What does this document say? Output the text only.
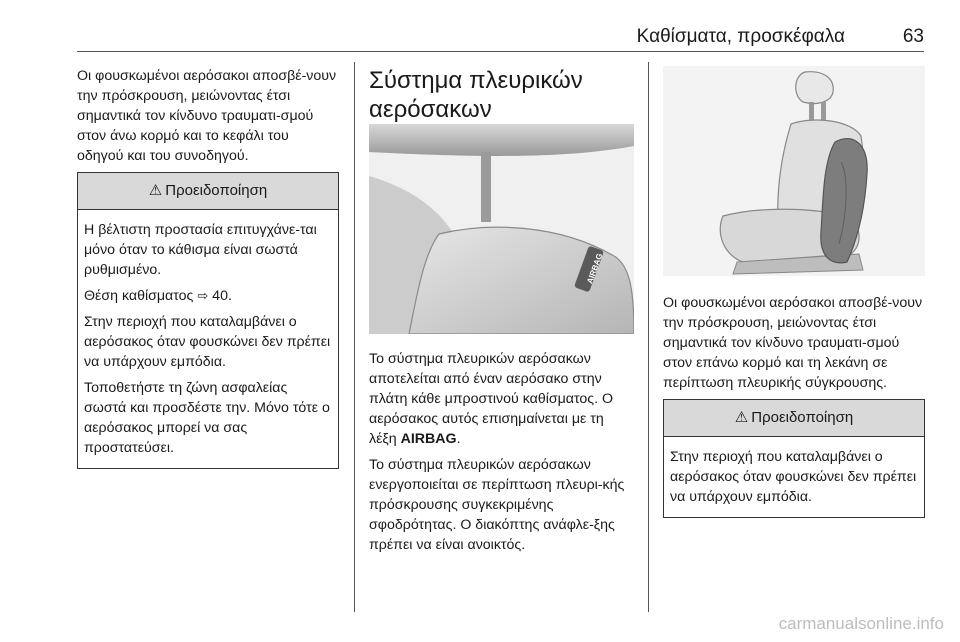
Καθίσματα, προσκέφαλα	63

Οι φουσκωμένοι αερόσακοι αποσβέ-νουν την πρόσκρουση, μειώνοντας έτσι σημαντικά τον κίνδυνο τραυματι-σμού στον άνω κορμό και το κεφάλι του οδηγού και του συνοδηγού.

⚠ Προειδοποίηση

Η βέλτιστη προστασία επιτυγχάνε-ται μόνο όταν το κάθισμα είναι σωστά ρυθμισμένο.

Θέση καθίσματος ⇨ 40.

Στην περιοχή που καταλαμβάνει ο αερόσακος όταν φουσκώνει δεν πρέπει να υπάρχουν εμπόδια.

Τοποθετήστε τη ζώνη ασφαλείας σωστά και προσδέστε την. Μόνο τότε ο αερόσακος μπορεί να σας προστατεύσει.

Σύστημα πλευρικών αερόσακων

Το σύστημα πλευρικών αερόσακων αποτελείται από έναν αερόσακο στην πλάτη κάθε μπροστινού καθίσματος. Ο αερόσακος αυτός επισημαίνεται με τη λέξη AIRBAG.

Το σύστημα πλευρικών αερόσακων ενεργοποιείται σε περίπτωση πλευρι-κής πρόσκρουσης συγκεκριμένης σφοδρότητας. Ο διακόπτης ανάφλε-ξης πρέπει να είναι ανοικτός.

AIRBAG

Οι φουσκωμένοι αερόσακοι αποσβέ-νουν την πρόσκρουση, μειώνοντας έτσι σημαντικά τον κίνδυνο τραυματι-σμού στον επάνω κορμό και τη λεκάνη σε περίπτωση πλευρικής σύγκρουσης.

⚠ Προειδοποίηση

Στην περιοχή που καταλαμβάνει ο αερόσακος όταν φουσκώνει δεν πρέπει να υπάρχουν εμπόδια.

carmanualsonline.info
